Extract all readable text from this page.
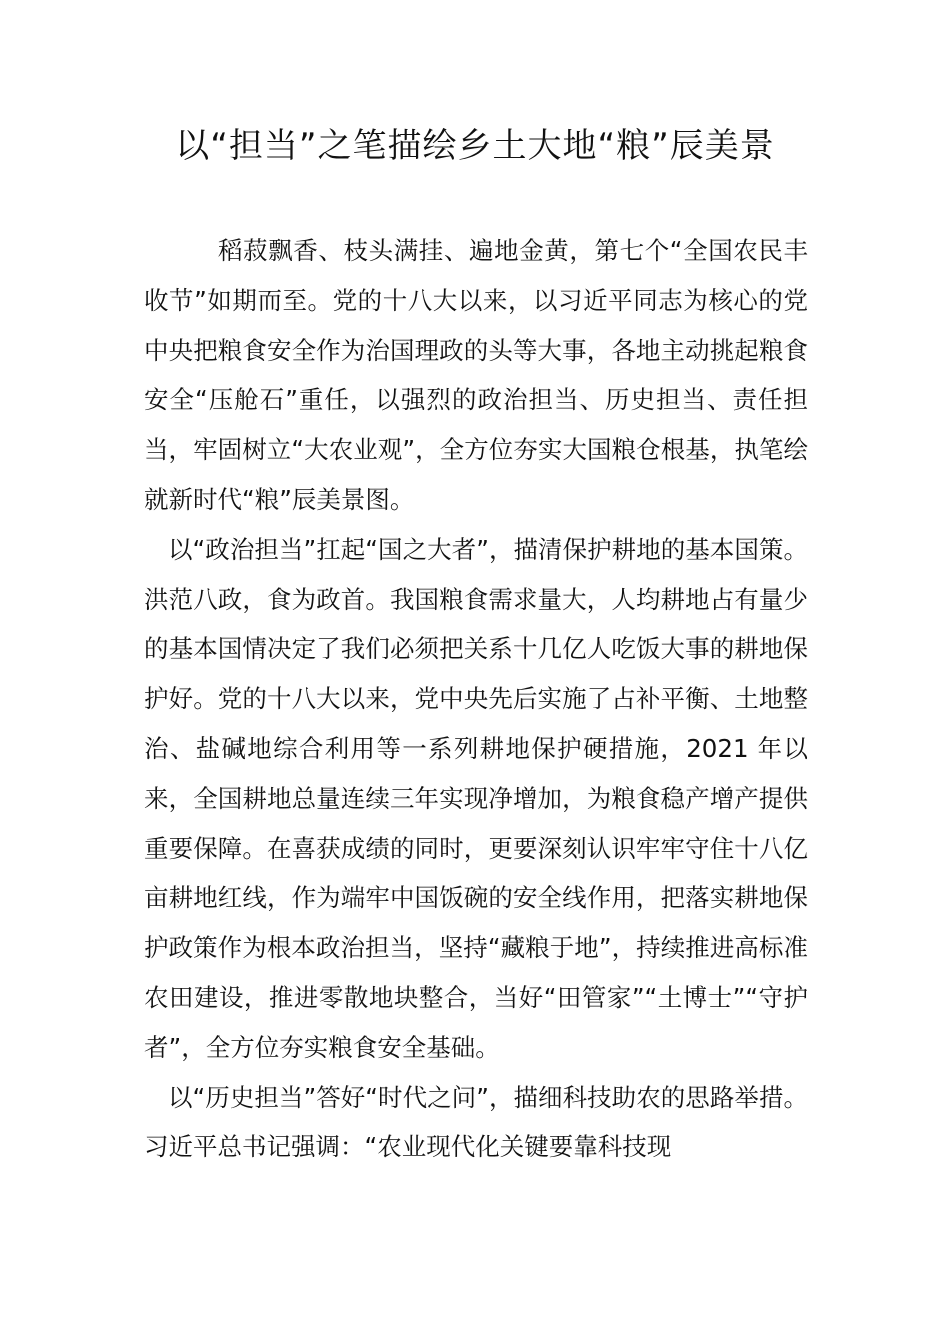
以“担当”之笔描绘乡土大地“粮”辰美景

稻菽飘香、枝头满挂、遍地金黄，第七个“全国农民丰收节”如期而至。党的十八大以来，以习近平同志为核心的党中央把粮食安全作为治国理政的头等大事，各地主动挑起粮食安全“压舱石”重任，以强烈的政治担当、历史担当、责任担当，牢固树立“大农业观”，全方位夯实大国粮仓根基，执笔绘就新时代“粮”辰美景图。

以“政治担当”扛起“国之大者”，描清保护耕地的基本国策。洪范八政，食为政首。我国粮食需求量大，人均耕地占有量少的基本国情决定了我们必须把关系十几亿人吃饭大事的耕地保护好。党的十八大以来，党中央先后实施了占补平衡、土地整治、盐碱地综合利用等一系列耕地保护硬措施，2021 年以来，全国耕地总量连续三年实现净增加，为粮食稳产增产提供重要保障。在喜获成绩的同时，更要深刻认识牢牢守住十八亿亩耕地红线，作为端牢中国饭碗的安全线作用，把落实耕地保护政策作为根本政治担当，坚持“藏粮于地”，持续推进高标准农田建设，推进零散地块整合，当好“田管家”“土博士”“守护者”，全方位夯实粮食安全基础。

以“历史担当”答好“时代之问”，描细科技助农的思路举措。习近平总书记强调：“农业现代化关键要靠科技现
